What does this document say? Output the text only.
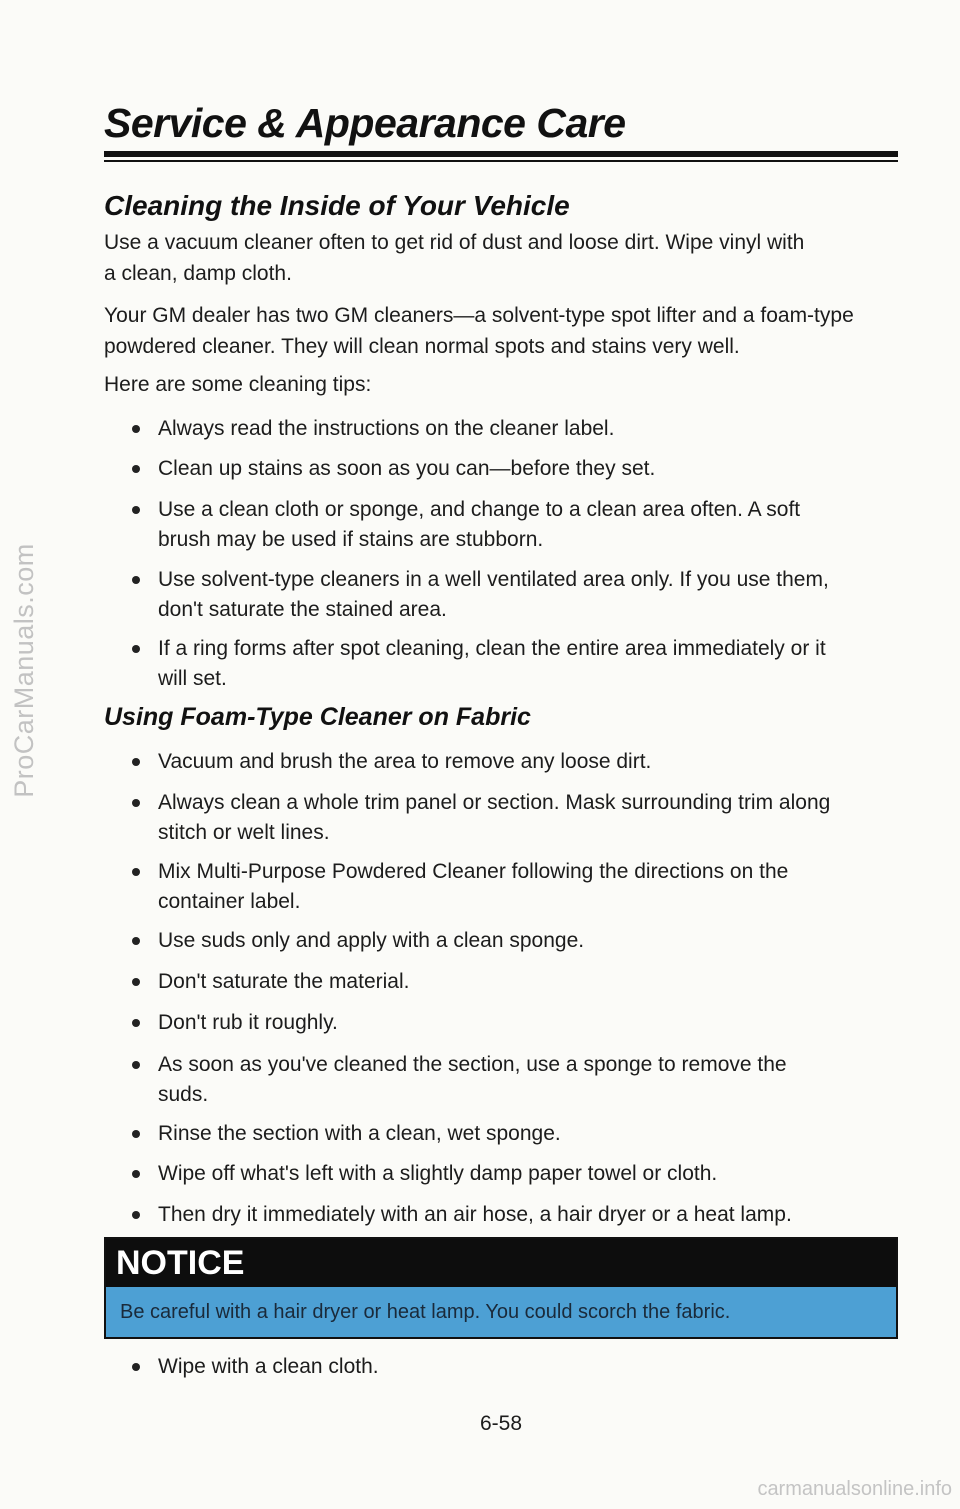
ProCarManuals.com
Service & Appearance Care
Cleaning the Inside of Your Vehicle
Use a vacuum cleaner often to get rid of dust and loose dirt. Wipe vinyl with
a clean, damp cloth.
Your GM dealer has two GM cleaners—a solvent-type spot lifter and a foam-type
powdered cleaner. They will clean normal spots and stains very well.
Here are some cleaning tips:
Always read the instructions on the cleaner label.
Clean up stains as soon as you can—before they set.
Use a clean cloth or sponge, and change to a clean area often. A soft
brush may be used if stains are stubborn.
Use solvent-type cleaners in a well ventilated area only. If you use them,
don't saturate the stained area.
If a ring forms after spot cleaning, clean the entire area immediately or it
will set.
Using Foam-Type Cleaner on Fabric
Vacuum and brush the area to remove any loose dirt.
Always clean a whole trim panel or section. Mask surrounding trim along
stitch or welt lines.
Mix Multi-Purpose Powdered Cleaner following the directions on the
container label.
Use suds only and apply with a clean sponge.
Don't saturate the material.
Don't rub it roughly.
As soon as you've cleaned the section, use a sponge to remove the
suds.
Rinse the section with a clean, wet sponge.
Wipe off what's left with a slightly damp paper towel or cloth.
Then dry it immediately with an air hose, a hair dryer or a heat lamp.
NOTICE
Be careful with a hair dryer or heat lamp. You could scorch the fabric.
Wipe with a clean cloth.
6-58
carmanualsonline.info
